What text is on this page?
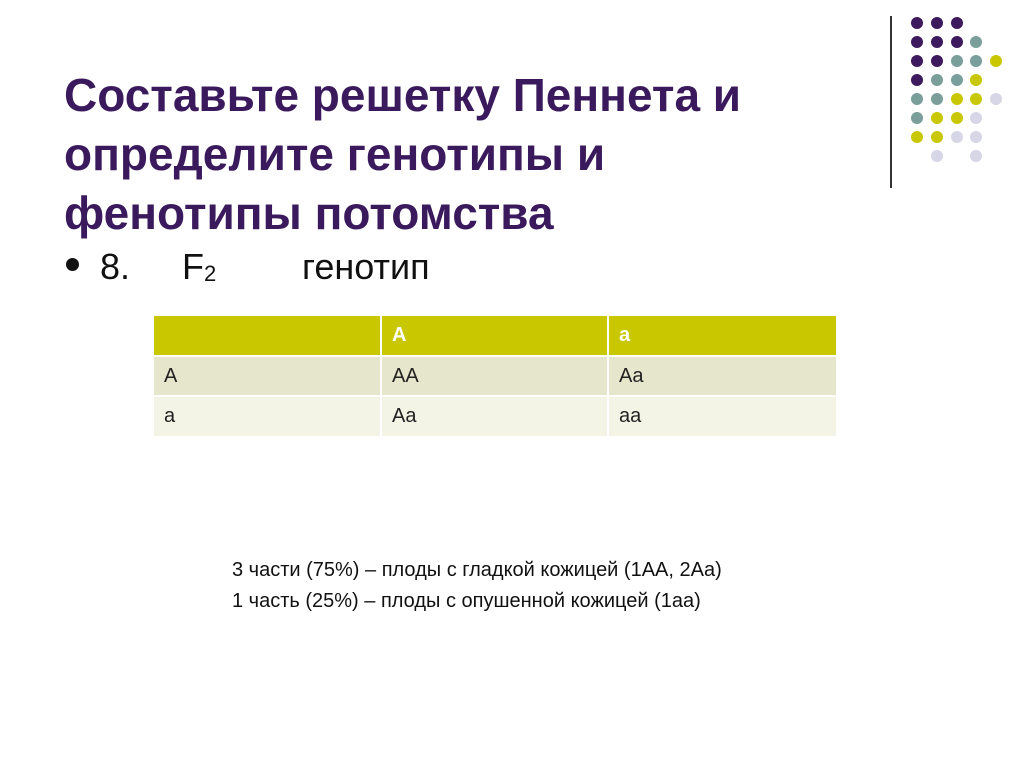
Составьте решетку Пеннета и
определите генотипы и
фенотипы потомства
8. $F_2$ генотип
	A	a
A	AA	Aa
a	Aa	aa
3 части (75%) – плоды с гладкой кожицей (1AA, 2Aa)
1 часть (25%) – плоды с опушенной кожицей (1aa)
